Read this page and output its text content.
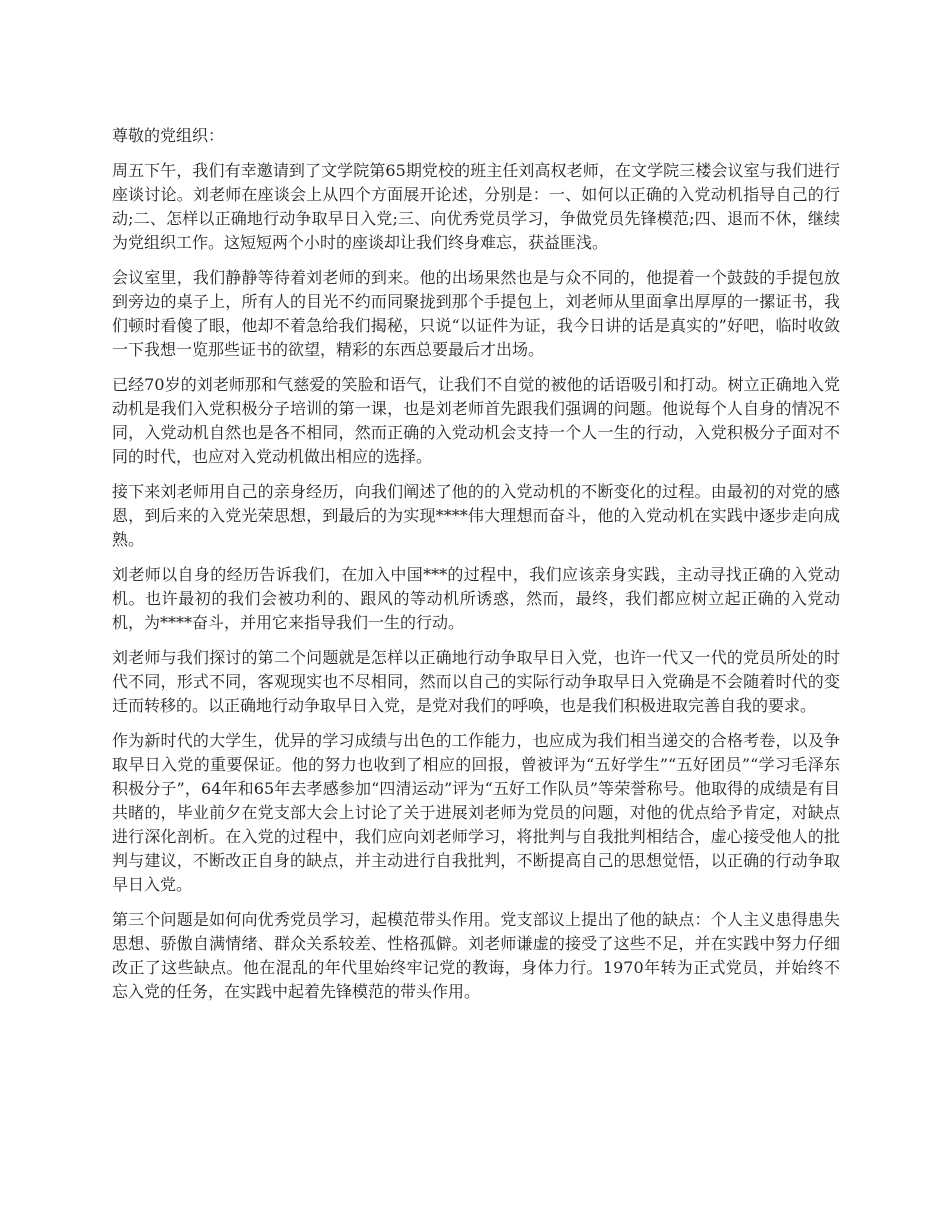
尊敬的党组织：

周五下午，我们有幸邀请到了文学院第65期党校的班主任刘高权老师，在文学院三楼会议室与我们进行座谈讨论。刘老师在座谈会上从四个方面展开论述，分别是：一、如何以正确的入党动机指导自己的行动;二、怎样以正确地行动争取早日入党;三、向优秀党员学习，争做党员先锋模范;四、退而不休，继续为党组织工作。这短短两个小时的座谈却让我们终身难忘，获益匪浅。

会议室里，我们静静等待着刘老师的到来。他的出场果然也是与众不同的，他提着一个鼓鼓的手提包放到旁边的桌子上，所有人的目光不约而同聚拢到那个手提包上，刘老师从里面拿出厚厚的一摞证书，我们顿时看傻了眼，他却不着急给我们揭秘，只说“以证件为证，我今日讲的话是真实的”好吧，临时收敛一下我想一览那些证书的欲望，精彩的东西总要最后才出场。

已经70岁的刘老师那和气慈爱的笑脸和语气，让我们不自觉的被他的话语吸引和打动。树立正确地入党动机是我们入党积极分子培训的第一课，也是刘老师首先跟我们强调的问题。他说每个人自身的情况不同，入党动机自然也是各不相同，然而正确的入党动机会支持一个人一生的行动，入党积极分子面对不同的时代，也应对入党动机做出相应的选择。

接下来刘老师用自己的亲身经历，向我们阐述了他的的入党动机的不断变化的过程。由最初的对党的感恩，到后来的入党光荣思想，到最后的为实现****伟大理想而奋斗，他的入党动机在实践中逐步走向成熟。

刘老师以自身的经历告诉我们，在加入中国***的过程中，我们应该亲身实践，主动寻找正确的入党动机。也许最初的我们会被功利的、跟风的等动机所诱惑，然而，最终，我们都应树立起正确的入党动机，为****奋斗，并用它来指导我们一生的行动。

刘老师与我们探讨的第二个问题就是怎样以正确地行动争取早日入党，也许一代又一代的党员所处的时代不同，形式不同，客观现实也不尽相同，然而以自己的实际行动争取早日入党确是不会随着时代的变迁而转移的。以正确地行动争取早日入党，是党对我们的呼唤，也是我们积极进取完善自我的要求。

作为新时代的大学生，优异的学习成绩与出色的工作能力，也应成为我们相当递交的合格考卷，以及争取早日入党的重要保证。他的努力也收到了相应的回报，曾被评为“五好学生”“五好团员”“学习毛泽东积极分子”，64年和65年去孝感参加“四清运动”评为“五好工作队员”等荣誉称号。他取得的成绩是有目共睹的，毕业前夕在党支部大会上讨论了关于进展刘老师为党员的问题，对他的优点给予肯定，对缺点进行深化剖析。在入党的过程中，我们应向刘老师学习，将批判与自我批判相结合，虚心接受他人的批判与建议，不断改正自身的缺点，并主动进行自我批判，不断提高自己的思想觉悟，以正确的行动争取早日入党。

第三个问题是如何向优秀党员学习，起模范带头作用。党支部议上提出了他的缺点：个人主义患得患失思想、骄傲自满情绪、群众关系较差、性格孤僻。刘老师谦虚的接受了这些不足，并在实践中努力仔细改正了这些缺点。他在混乱的年代里始终牢记党的教诲，身体力行。1970年转为正式党员，并始终不忘入党的任务，在实践中起着先锋模范的带头作用。
